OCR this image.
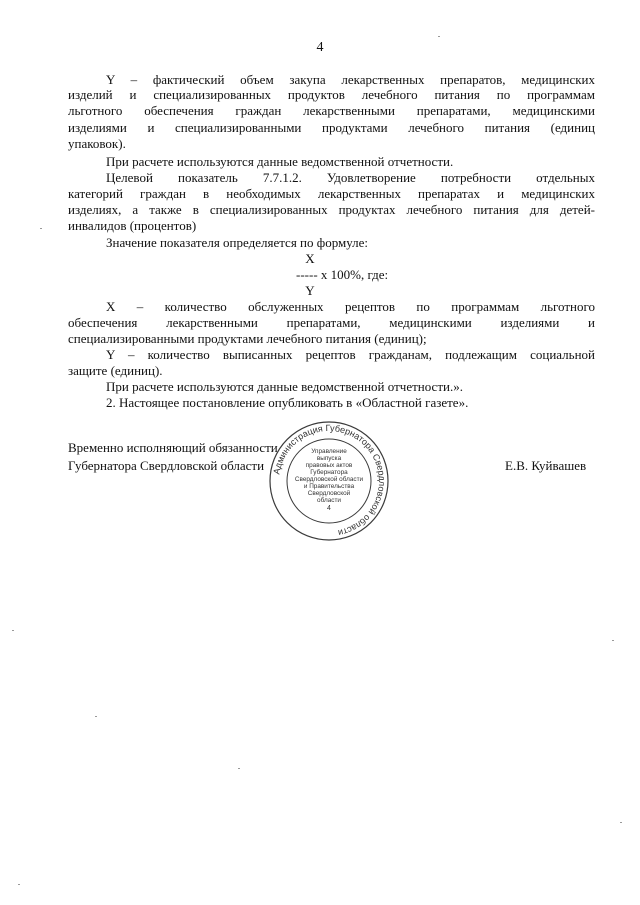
4

Y – фактический объем закупа лекарственных препаратов, медицинских

изделий и специализированных продуктов лечебного питания по программам

льготного обеспечения граждан лекарственными препаратами, медицинскими

изделиями и специализированными продуктами лечебного питания (единиц

упаковок).

При расчете используются данные ведомственной отчетности.

Целевой показатель 7.7.1.2. Удовлетворение потребности отдельных

категорий граждан в необходимых лекарственных препаратах и медицинских

изделиях, а также в специализированных продуктах лечебного питания для детей-

инвалидов (процентов)

Значение показателя определяется по формуле:

X

----- x 100%, где:

Y

X – количество обслуженных рецептов по программам льготного

обеспечения лекарственными препаратами, медицинскими изделиями и

специализированными продуктами лечебного питания (единиц);

Y – количество выписанных рецептов гражданам, подлежащим социальной

защите (единиц).

При расчете используются данные ведомственной отчетности.».

2. Настоящее постановление опубликовать в «Областной газете».

Временно исполняющий обязанности

Губернатора Свердловской области	Е.В. Куйвашев

Администрация Губернатора Свердловской области
Управление
выпуска
правовых актов
Губернатора
Свердловской области
и Правительства
Свердловской
области
4
